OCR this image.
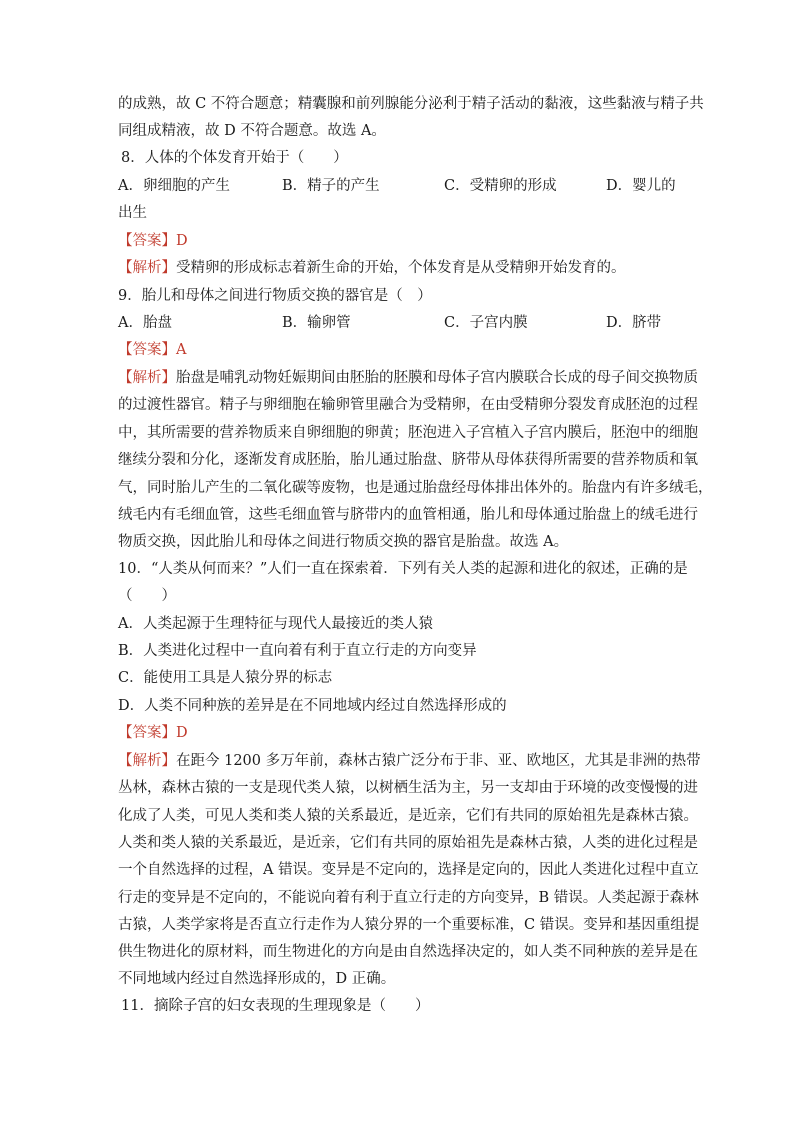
的成熟，故 C 不符合题意；精囊腺和前列腺能分泌利于精子活动的黏液，这些黏液与精子共
同组成精液，故 D 不符合题意。故选 A。
8．人体的个体发育开始于（　　）
A．卵细胞的产生	B．精子的产生	C．受精卵的形成	D．婴儿的
出生
【答案】D
【解析】受精卵的形成标志着新生命的开始，个体发育是从受精卵开始发育的。
9．胎儿和母体之间进行物质交换的器官是（　）
A．胎盘	B．输卵管	C．子宫内膜	D．脐带
【答案】A
【解析】胎盘是哺乳动物妊娠期间由胚胎的胚膜和母体子宫内膜联合长成的母子间交换物质
的过渡性器官。精子与卵细胞在输卵管里融合为受精卵，在由受精卵分裂发育成胚泡的过程
中，其所需要的营养物质来自卵细胞的卵黄；胚泡进入子宫植入子宫内膜后，胚泡中的细胞
继续分裂和分化，逐渐发育成胚胎，胎儿通过胎盘、脐带从母体获得所需要的营养物质和氧
气，同时胎儿产生的二氧化碳等废物，也是通过胎盘经母体排出体外的。胎盘内有许多绒毛，
绒毛内有毛细血管，这些毛细血管与脐带内的血管相通，胎儿和母体通过胎盘上的绒毛进行
物质交换，因此胎儿和母体之间进行物质交换的器官是胎盘。故选 A。
10．“人类从何而来？”人们一直在探索着．下列有关人类的起源和进化的叙述，正确的是
（　　）
A．人类起源于生理特征与现代人最接近的类人猿
B．人类进化过程中一直向着有利于直立行走的方向变异
C．能使用工具是人猿分界的标志
D．人类不同种族的差异是在不同地域内经过自然选择形成的
【答案】D
【解析】在距今 1200 多万年前，森林古猿广泛分布于非、亚、欧地区，尤其是非洲的热带
丛林，森林古猿的一支是现代类人猿，以树栖生活为主，另一支却由于环境的改变慢慢的进
化成了人类，可见人类和类人猿的关系最近，是近亲，它们有共同的原始祖先是森林古猿。
人类和类人猿的关系最近，是近亲，它们有共同的原始祖先是森林古猿，人类的进化过程是
一个自然选择的过程，A 错误。变异是不定向的，选择是定向的，因此人类进化过程中直立
行走的变异是不定向的，不能说向着有利于直立行走的方向变异，B 错误。人类起源于森林
古猿，人类学家将是否直立行走作为人猿分界的一个重要标准，C 错误。变异和基因重组提
供生物进化的原材料，而生物进化的方向是由自然选择决定的，如人类不同种族的差异是在
不同地域内经过自然选择形成的，D 正确。
11．摘除子宫的妇女表现的生理现象是（　　）
